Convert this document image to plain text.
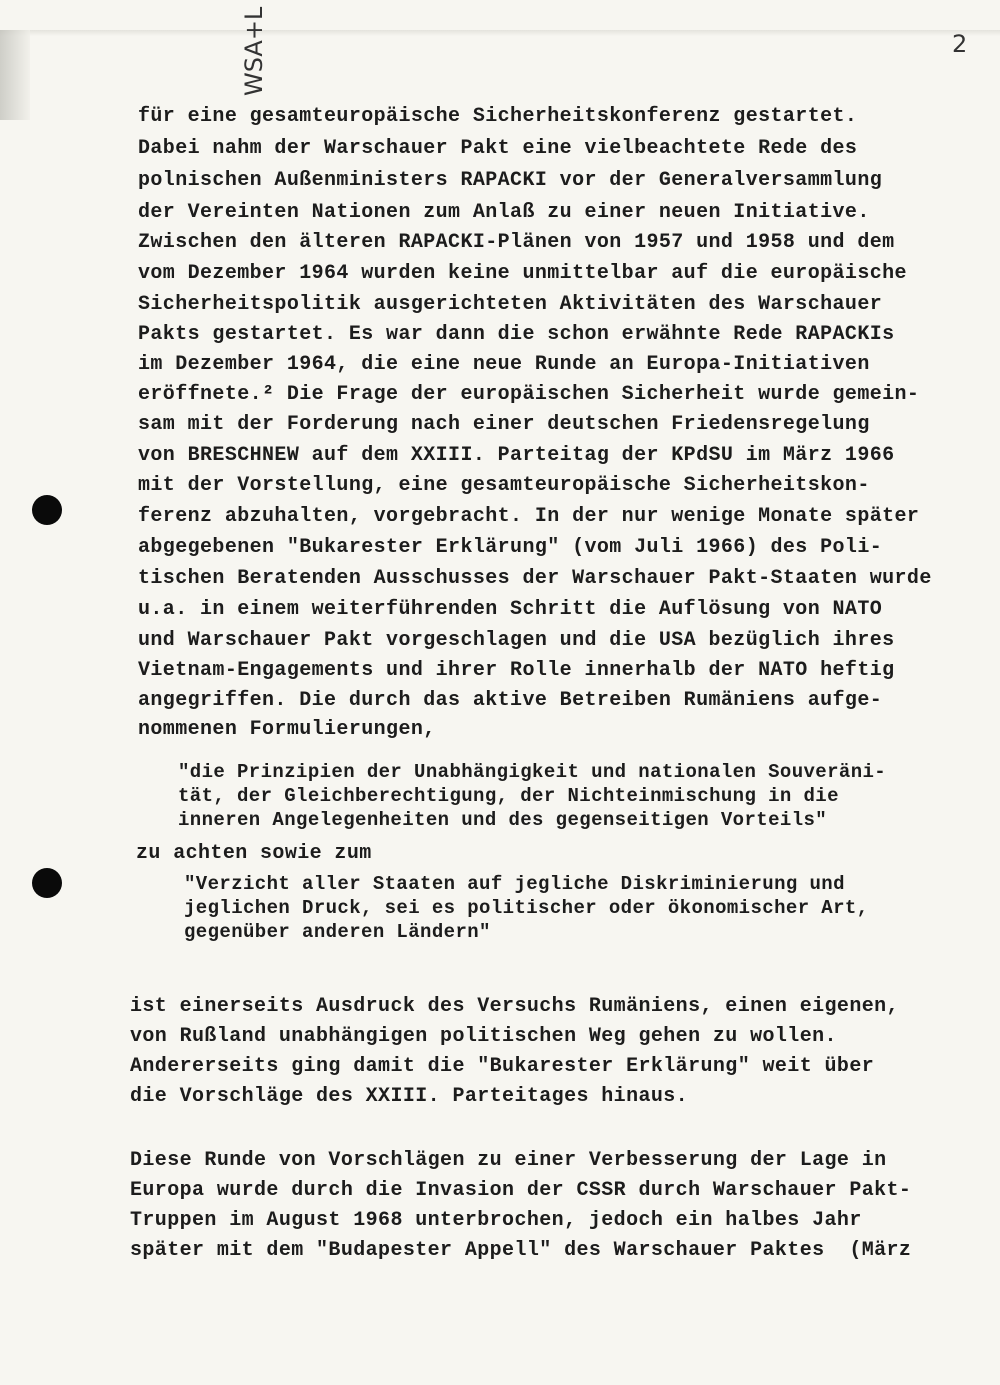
WSA+L	2
für eine gesamteuropäische Sicherheitskonferenz gestartet.
Dabei nahm der Warschauer Pakt eine vielbeachtete Rede des
polnischen Außenministers RAPACKI vor der Generalversammlung
der Vereinten Nationen zum Anlaß zu einer neuen Initiative.
Zwischen den älteren RAPACKI-Plänen von 1957 und 1958 und dem
vom Dezember 1964 wurden keine unmittelbar auf die europäische
Sicherheitspolitik ausgerichteten Aktivitäten des Warschauer
Pakts gestartet. Es war dann die schon erwähnte Rede RAPACKIs
im Dezember 1964, die eine neue Runde an Europa-Initiativen
eröffnete.² Die Frage der europäischen Sicherheit wurde gemein-
sam mit der Forderung nach einer deutschen Friedensregelung
von BRESCHNEW auf dem XXIII. Parteitag der KPdSU im März 1966
mit der Vorstellung, eine gesamteuropäische Sicherheitskon-
ferenz abzuhalten, vorgebracht. In der nur wenige Monate später
abgegebenen "Bukarester Erklärung" (vom Juli 1966) des Poli-
tischen Beratenden Ausschusses der Warschauer Pakt-Staaten wurde
u.a. in einem weiterführenden Schritt die Auflösung von NATO
und Warschauer Pakt vorgeschlagen und die USA bezüglich ihres
Vietnam-Engagements und ihrer Rolle innerhalb der NATO heftig
angegriffen. Die durch das aktive Betreiben Rumäniens aufge-
nommenen Formulierungen,
"die Prinzipien der Unabhängigkeit und nationalen Souveräni-
tät, der Gleichberechtigung, der Nichteinmischung in die
inneren Angelegenheiten und des gegenseitigen Vorteils"
zu achten sowie zum
"Verzicht aller Staaten auf jegliche Diskriminierung und
jeglichen Druck, sei es politischer oder ökonomischer Art,
gegenüber anderen Ländern"
ist einerseits Ausdruck des Versuchs Rumäniens, einen eigenen,
von Rußland unabhängigen politischen Weg gehen zu wollen.
Andererseits ging damit die "Bukarester Erklärung" weit über
die Vorschläge des XXIII. Parteitages hinaus.
Diese Runde von Vorschlägen zu einer Verbesserung der Lage in
Europa wurde durch die Invasion der CSSR durch Warschauer Pakt-
Truppen im August 1968 unterbrochen, jedoch ein halbes Jahr
später mit dem "Budapester Appell" des Warschauer Paktes  (März
